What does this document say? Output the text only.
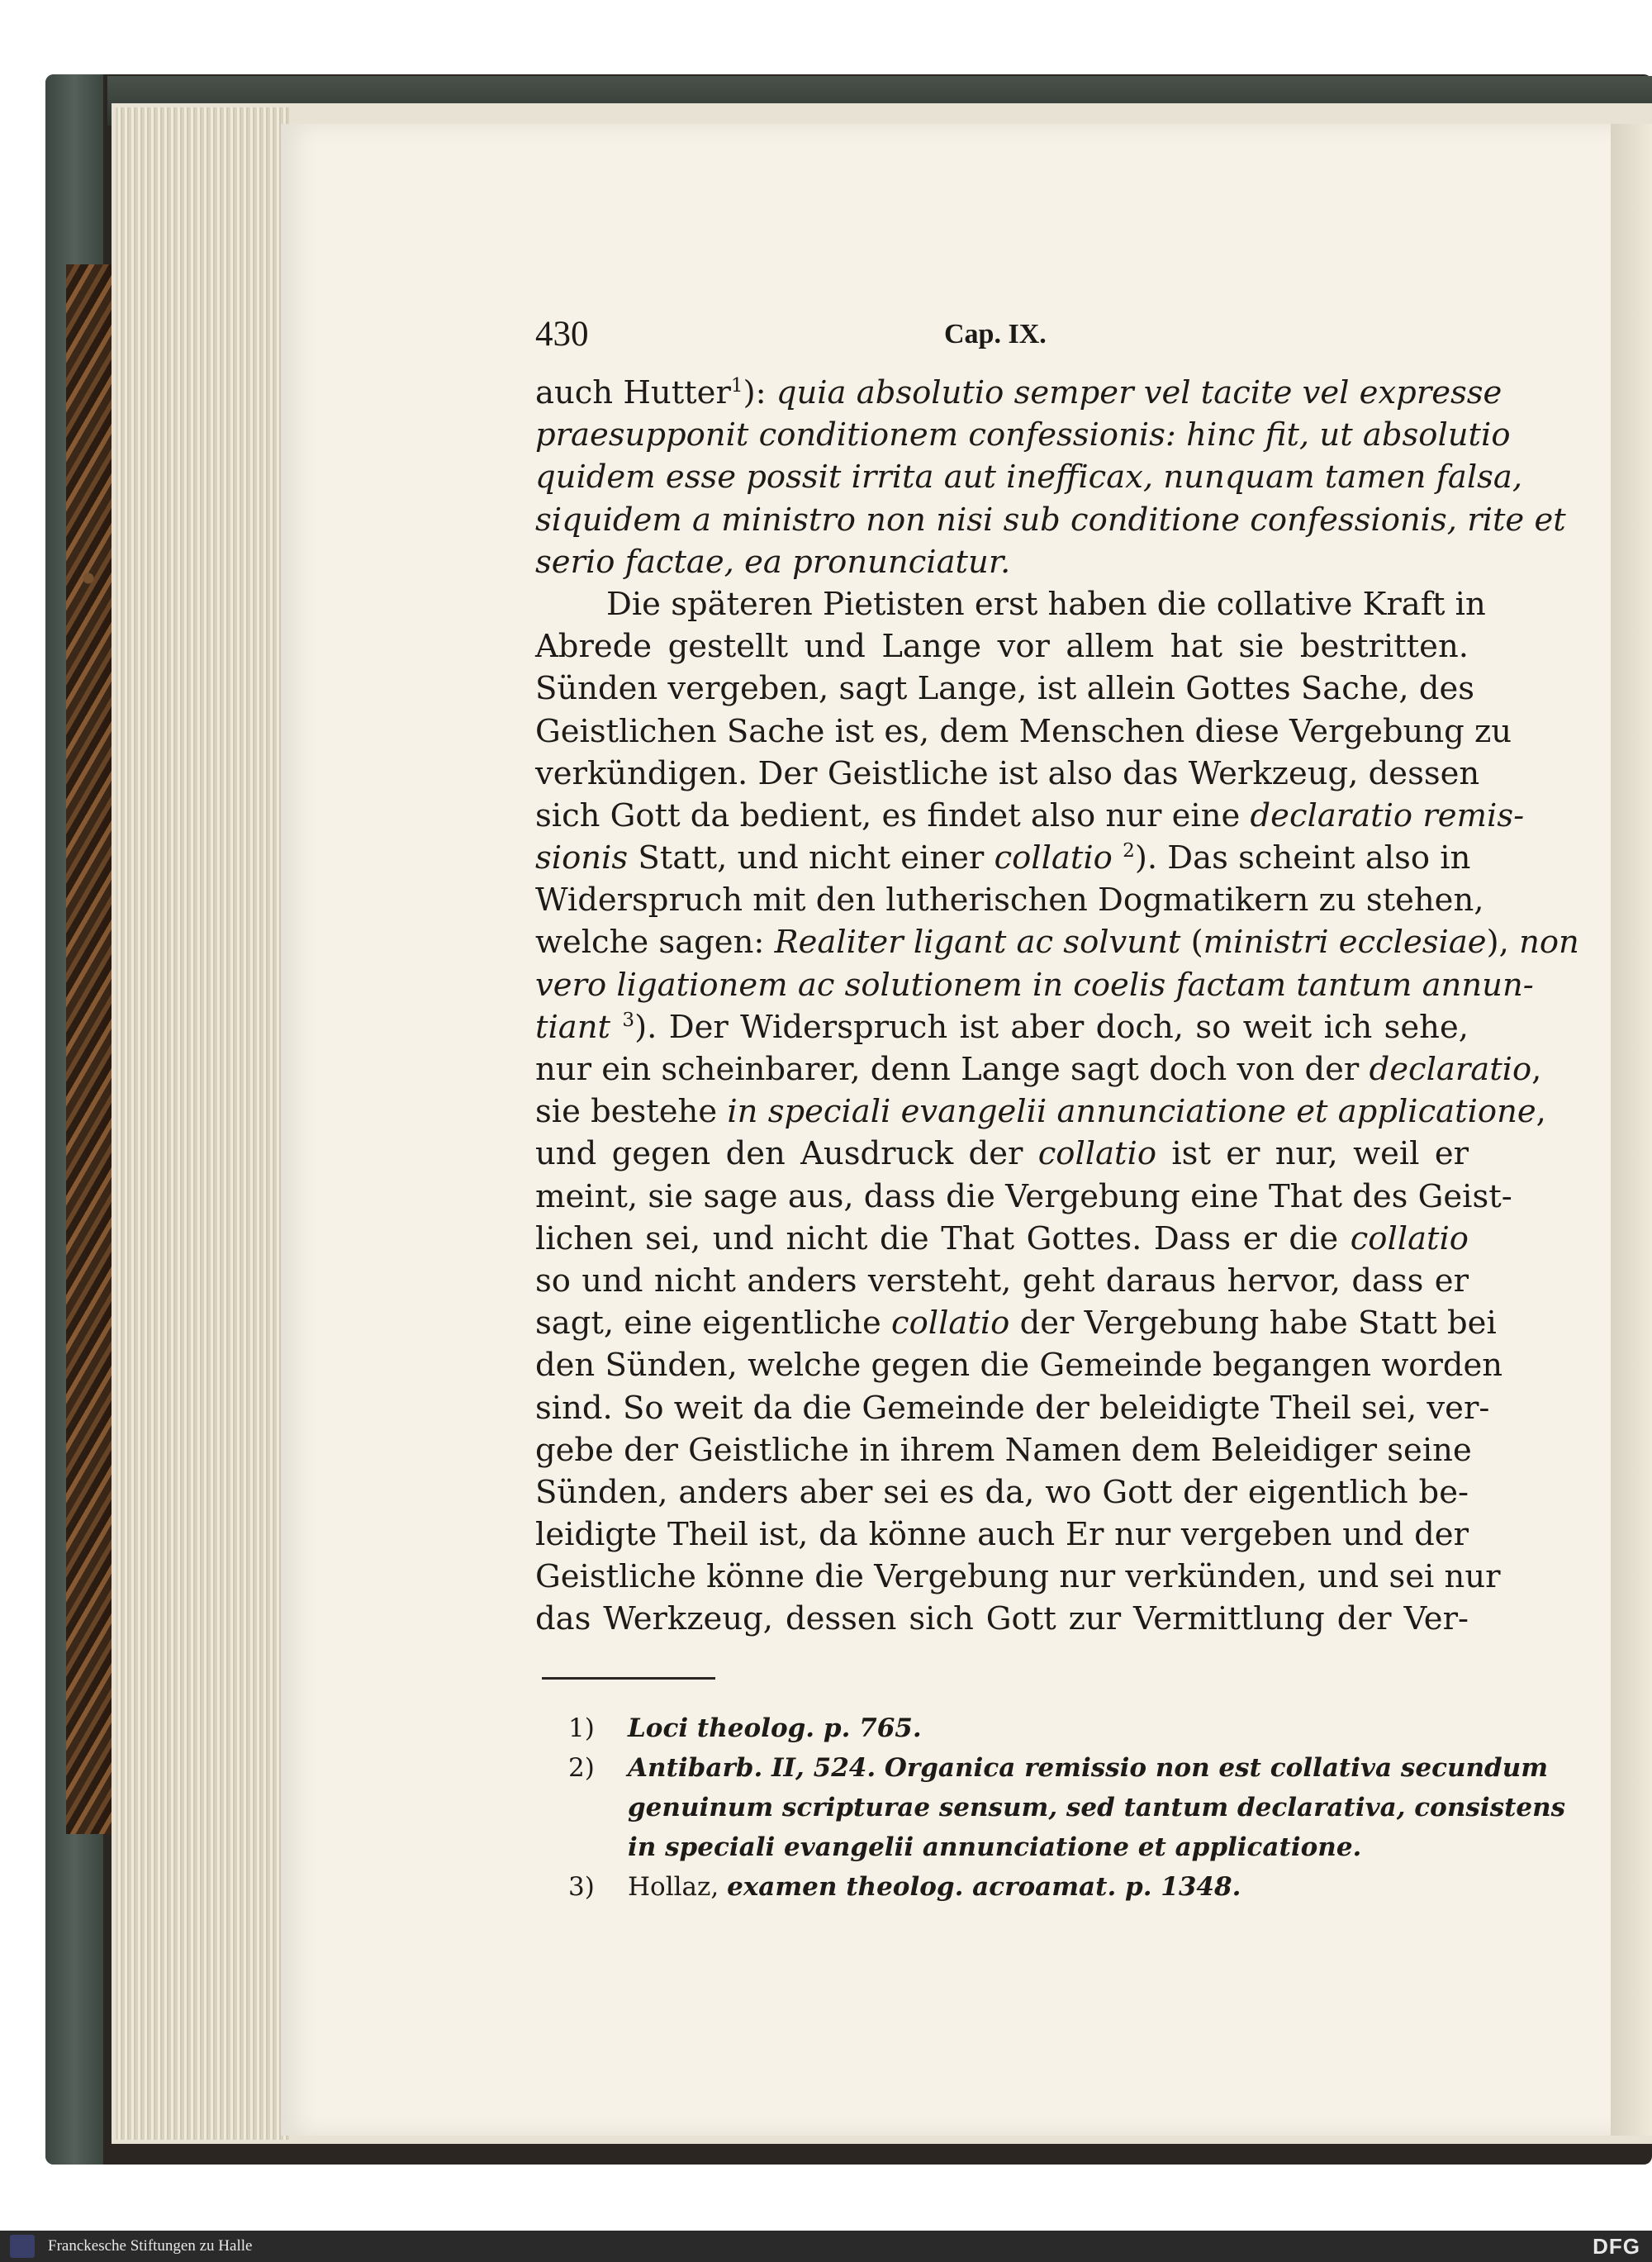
430	Cap. IX.
auch Hutter$^1$): quia absolutio semper vel tacite vel expresse
praesupponit conditionem confessionis: hinc fit, ut absolutio
quidem esse possit irrita aut inefficax, nunquam tamen falsa,
siquidem a ministro non nisi sub conditione confessionis, rite et
serio factae, ea pronunciatur.
Die späteren Pietisten erst haben die collative Kraft in
Abrede gestellt und Lange vor allem hat sie bestritten.
Sünden vergeben, sagt Lange, ist allein Gottes Sache, des
Geistlichen Sache ist es, dem Menschen diese Vergebung zu
verkündigen. Der Geistliche ist also das Werkzeug, dessen
sich Gott da bedient, es findet also nur eine declaratio remis-
sionis Statt, und nicht einer collatio $^2$). Das scheint also in
Widerspruch mit den lutherischen Dogmatikern zu stehen,
welche sagen: Realiter ligant ac solvunt (ministri ecclesiae), non
vero ligationem ac solutionem in coelis factam tantum annun-
tiant $^3$). Der Widerspruch ist aber doch, so weit ich sehe,
nur ein scheinbarer, denn Lange sagt doch von der declaratio,
sie bestehe in speciali evangelii annunciatione et applicatione,
und gegen den Ausdruck der collatio ist er nur, weil er
meint, sie sage aus, dass die Vergebung eine That des Geist-
lichen sei, und nicht die That Gottes. Dass er die collatio
so und nicht anders versteht, geht daraus hervor, dass er
sagt, eine eigentliche collatio der Vergebung habe Statt bei
den Sünden, welche gegen die Gemeinde begangen worden
sind. So weit da die Gemeinde der beleidigte Theil sei, ver-
gebe der Geistliche in ihrem Namen dem Beleidiger seine
Sünden, anders aber sei es da, wo Gott der eigentlich be-
leidigte Theil ist, da könne auch Er nur vergeben und der
Geistliche könne die Vergebung nur verkünden, und sei nur
das Werkzeug, dessen sich Gott zur Vermittlung der Ver-
1) Loci theolog. p. 765.
2) Antibarb. II, 524. Organica remissio non est collativa secundum
genuinum scripturae sensum, sed tantum declarativa, consistens
in speciali evangelii annunciatione et applicatione.
3) Hollaz, examen theolog. acroamat. p. 1348.
Franckesche Stiftungen zu Halle	DFG
